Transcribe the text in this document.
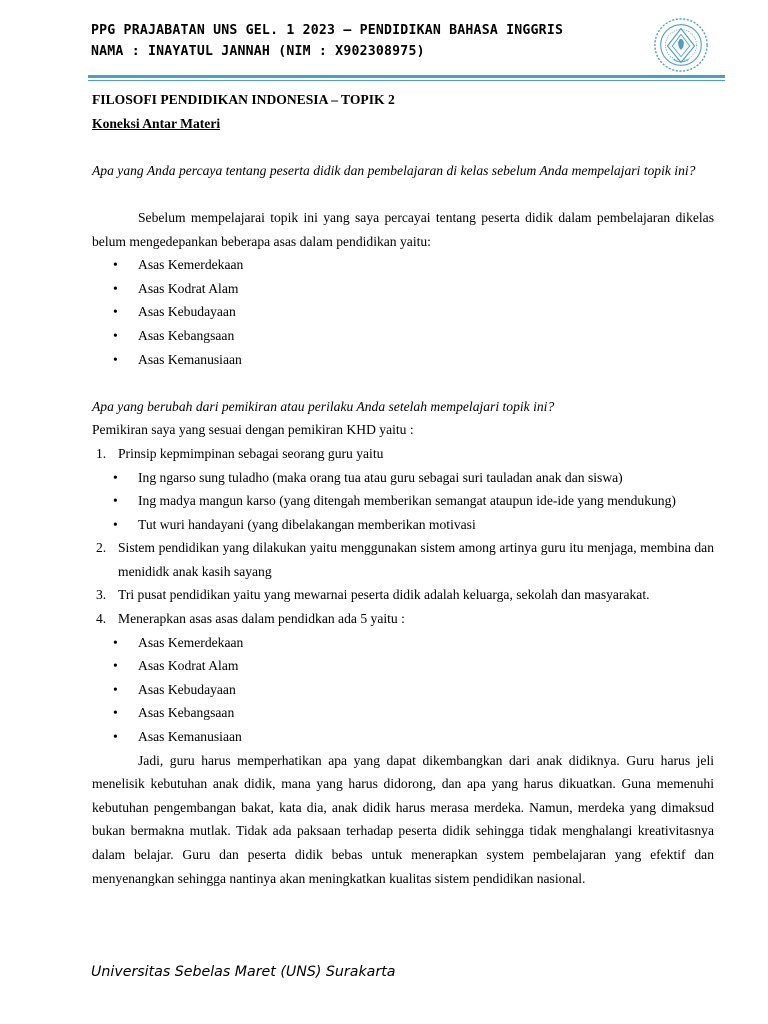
PPG PRAJABATAN UNS GEL. 1 2023 – PENDIDIKAN BAHASA INGGRIS
NAMA : INAYATUL JANNAH (NIM : X902308975)

FILOSOFI PENDIDIKAN INDONESIA – TOPIK 2

Koneksi Antar Materi

Apa yang Anda percaya tentang peserta didik dan pembelajaran di kelas sebelum Anda mempelajari topik ini?

Sebelum mempelajarai topik ini yang saya percayai tentang peserta didik dalam pembelajaran dikelas belum mengedepankan beberapa asas dalam pendidikan yaitu:

• Asas Kemerdekaan
• Asas Kodrat Alam
• Asas Kebudayaan
• Asas Kebangsaan
• Asas Kemanusiaan

Apa yang berubah dari pemikiran atau perilaku Anda setelah mempelajari topik ini?

Pemikiran saya yang sesuai dengan pemikiran KHD yaitu :

1. Prinsip kepmimpinan sebagai seorang guru yaitu
• Ing ngarso sung tuladho (maka orang tua atau guru sebagai suri tauladan anak dan siswa)
• Ing madya mangun karso (yang ditengah memberikan semangat ataupun ide-ide yang mendukung)
• Tut wuri handayani (yang dibelakangan memberikan motivasi
2. Sistem pendidikan yang dilakukan yaitu menggunakan sistem among artinya guru itu menjaga, membina dan menididk anak kasih sayang
3. Tri pusat pendidikan yaitu yang mewarnai peserta didik adalah keluarga, sekolah dan masyarakat.
4. Menerapkan asas asas dalam pendidkan ada 5 yaitu :
• Asas Kemerdekaan
• Asas Kodrat Alam
• Asas Kebudayaan
• Asas Kebangsaan
• Asas Kemanusiaan

Jadi, guru harus memperhatikan apa yang dapat dikembangkan dari anak didiknya. Guru harus jeli menelisik kebutuhan anak didik, mana yang harus didorong, dan apa yang harus dikuatkan. Guna memenuhi kebutuhan pengembangan bakat, kata dia, anak didik harus merasa merdeka. Namun, merdeka yang dimaksud bukan bermakna mutlak. Tidak ada paksaan terhadap peserta didik sehingga tidak menghalangi kreativitasnya dalam belajar. Guru dan peserta didik bebas untuk menerapkan system pembelajaran yang efektif dan menyenangkan sehingga nantinya akan meningkatkan kualitas sistem pendidikan nasional.

Universitas Sebelas Maret (UNS) Surakarta
